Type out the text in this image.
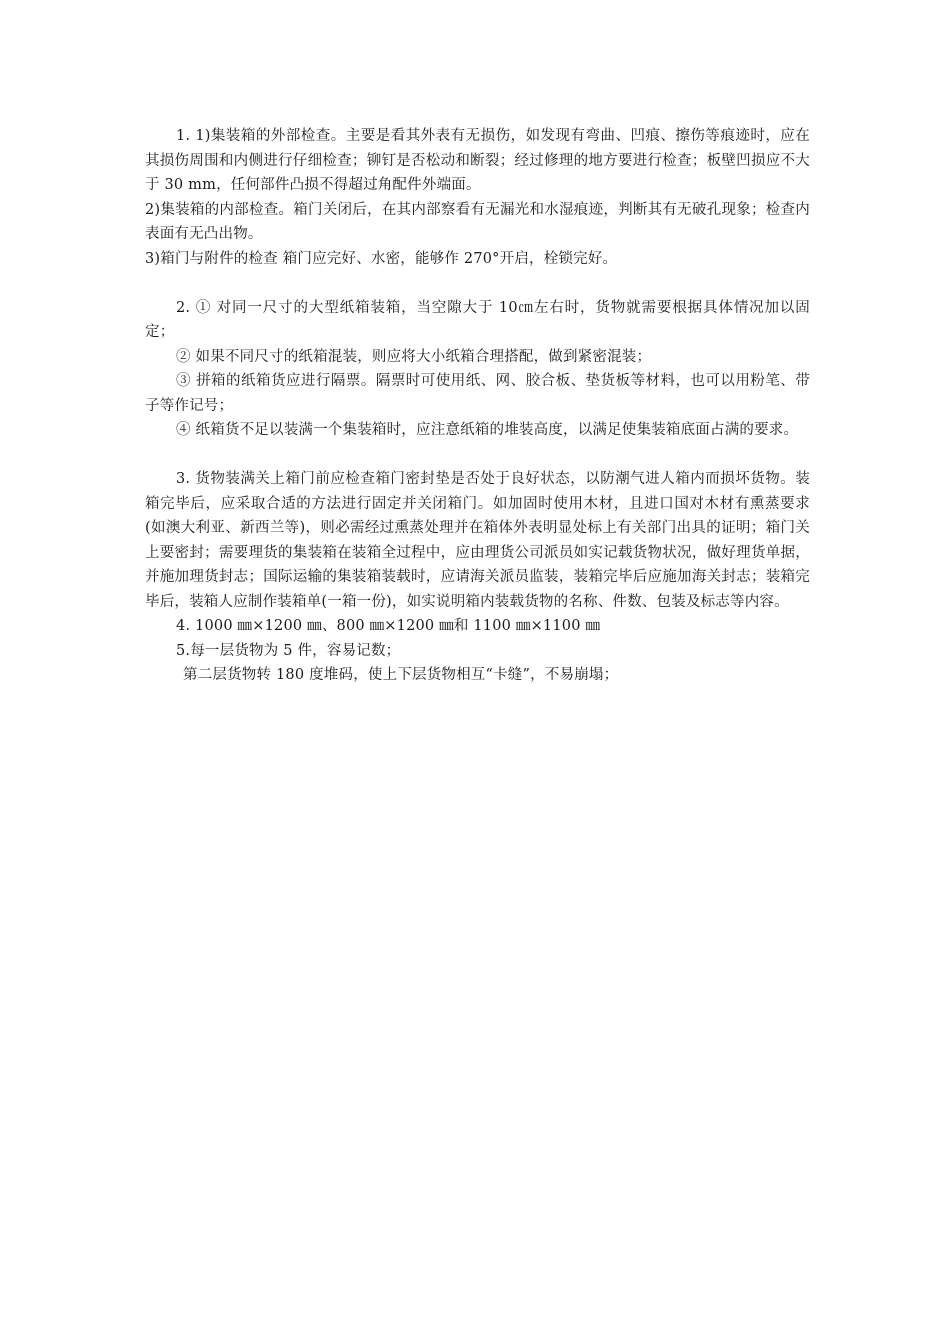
1. 1)集装箱的外部检查。主要是看其外表有无损伤，如发现有弯曲、凹痕、擦伤等痕迹时，应在其损伤周围和内侧进行仔细检查；铆钉是否松动和断裂；经过修理的地方要进行检查；板壁凹损应不大于 30 mm，任何部件凸损不得超过角配件外端面。

2)集装箱的内部检查。箱门关闭后，在其内部察看有无漏光和水湿痕迹，判断其有无破孔现象；检查内表面有无凸出物。

3)箱门与附件的检查 箱门应完好、水密，能够作 270°开启，栓锁完好。

2. ① 对同一尺寸的大型纸箱装箱，当空隙大于 10㎝左右时，货物就需要根据具体情况加以固定；

② 如果不同尺寸的纸箱混装，则应将大小纸箱合理搭配，做到紧密混装；

③ 拼箱的纸箱货应进行隔票。隔票时可使用纸、网、胶合板、垫货板等材料，也可以用粉笔、带子等作记号；

④ 纸箱货不足以装满一个集装箱时，应注意纸箱的堆装高度，以满足使集装箱底面占满的要求。

3. 货物装满关上箱门前应检查箱门密封垫是否处于良好状态，以防潮气进人箱内而损坏货物。装箱完毕后，应采取合适的方法进行固定并关闭箱门。如加固时使用木材，且进口国对木材有熏蒸要求(如澳大利亚、新西兰等)，则必需经过熏蒸处理并在箱体外表明显处标上有关部门出具的证明；箱门关上要密封；需要理货的集装箱在装箱全过程中，应由理货公司派员如实记载货物状况，做好理货单据，并施加理货封志；国际运输的集装箱装载时，应请海关派员监装，装箱完毕后应施加海关封志；装箱完毕后，装箱人应制作装箱单(一箱一份)，如实说明箱内装载货物的名称、件数、包装及标志等内容。

4. 1000 ㎜×1200 ㎜、800 ㎜×1200 ㎜和 1100 ㎜×1100 ㎜

5.每一层货物为 5 件，容易记数；

第二层货物转 180 度堆码，使上下层货物相互“卡缝”，不易崩塌；
